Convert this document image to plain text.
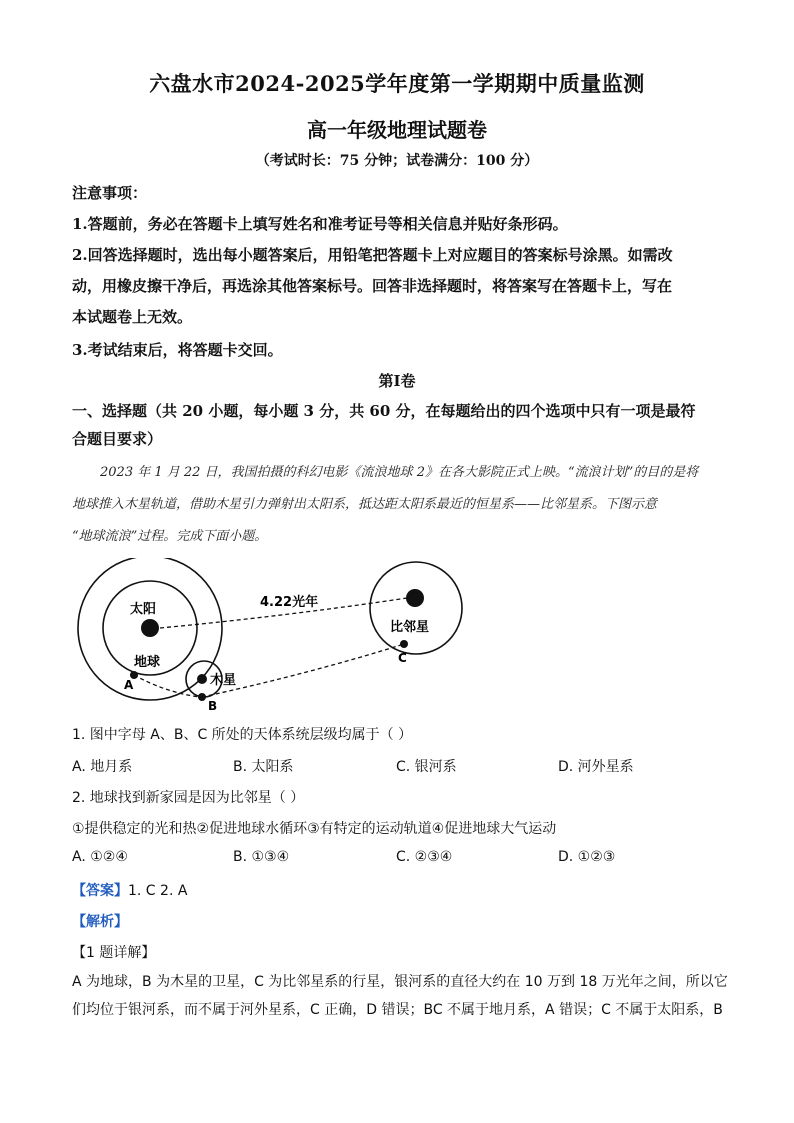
六盘水市2024-2025学年度第一学期期中质量监测
高一年级地理试题卷
（考试时长：75 分钟；试卷满分：100 分）
注意事项：
1.答题前，务必在答题卡上填写姓名和准考证号等相关信息并贴好条形码。
2.回答选择题时，选出每小题答案后，用铅笔把答题卡上对应题目的答案标号涂黑。如需改
动，用橡皮擦干净后，再选涂其他答案标号。回答非选择题时，将答案写在答题卡上，写在
本试题卷上无效。
3.考试结束后，将答题卡交回。
第Ⅰ卷
一、选择题（共 20 小题，每小题 3 分，共 60 分，在每题给出的四个选项中只有一项是最符
合题目要求）
2023 年 1 月 22 日，我国拍摄的科幻电影《流浪地球 2》在各大影院正式上映。“流浪计划”的目的是将
地球推入木星轨道，借助木星引力弹射出太阳系，抵达距太阳系最近的恒星系——比邻星系。下图示意
“地球流浪”过程。完成下面小题。
太阳
地球
A	木星
B
比邻星
C
4.22光年
1. 图中字母 A、B、C 所处的天体系统层级均属于（ ）
A. 地月系	B. 太阳系	C. 银河系	D. 河外星系
2. 地球找到新家园是因为比邻星（ ）
①提供稳定的光和热②促进地球水循环③有特定的运动轨道④促进地球大气运动
A. ①②④	B. ①③④	C. ②③④	D. ①②③
【答案】1. C 2. A
【解析】
【1 题详解】
A 为地球，B 为木星的卫星，C 为比邻星系的行星，银河系的直径大约在 10 万到 18 万光年之间，所以它
们均位于银河系，而不属于河外星系，C 正确，D 错误；BC 不属于地月系，A 错误；C 不属于太阳系，B
